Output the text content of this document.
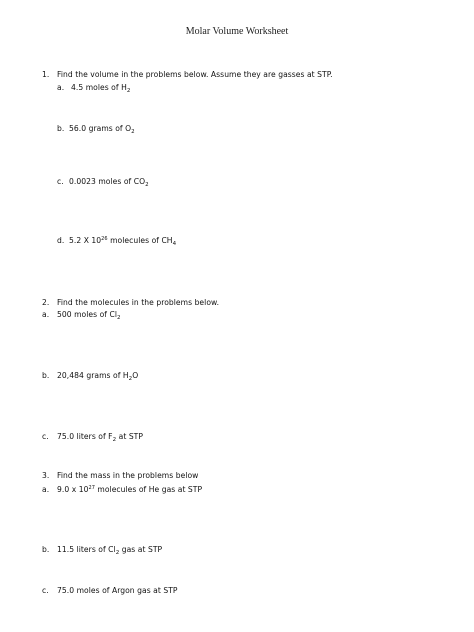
Molar Volume Worksheet
1. Find the volume in the problems below. Assume they are gasses at STP.
a. 4.5 moles of $H_2$
b. 56.0 grams of $O_2$
c. 0.0023 moles of $CO_2$
d. 5.2 X $10^{26}$ molecules of $CH_4$
2. Find the molecules in the problems below.
a. 500 moles of $Cl_2$
b. 20,484 grams of $H_2O$
c. 75.0 liters of $F_2$ at STP
3. Find the mass in the problems below
a. 9.0 x $10^{27}$ molecules of He gas at STP
b. 11.5 liters of $Cl_2$ gas at STP
c. 75.0 moles of Argon gas at STP
